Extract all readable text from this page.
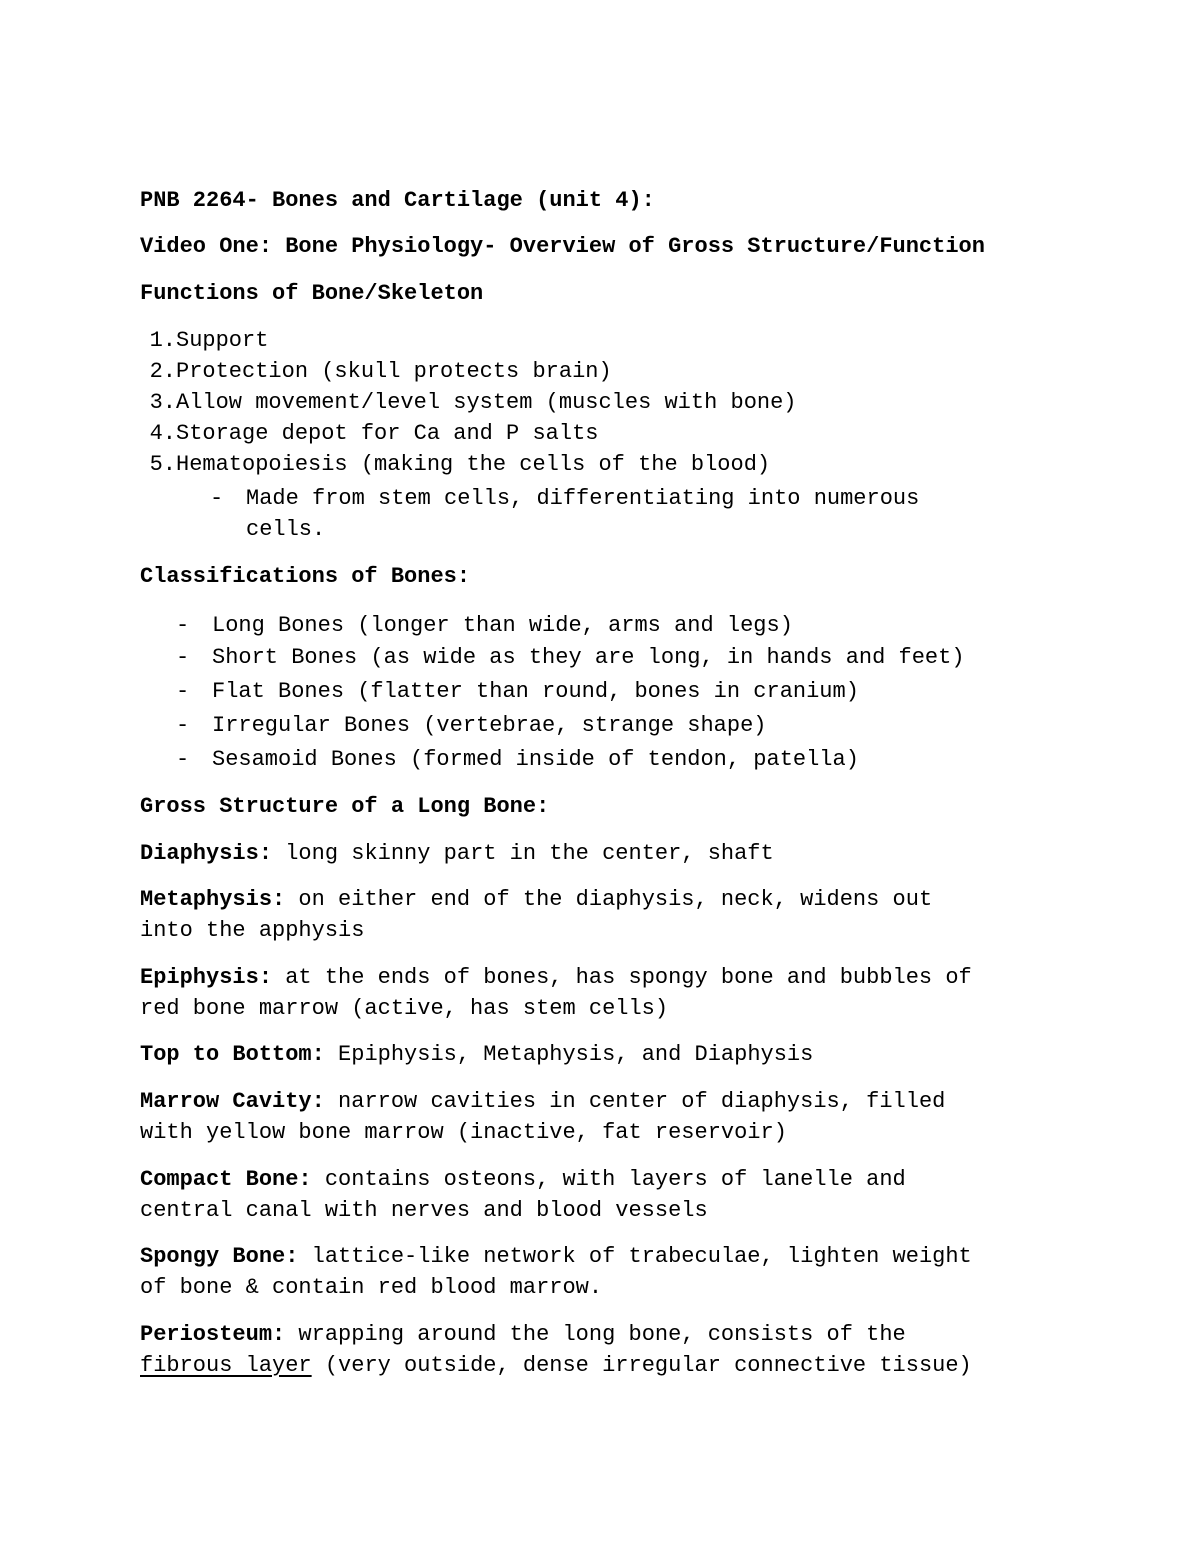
PNB 2264- Bones and Cartilage (unit 4):
Video One: Bone Physiology- Overview of Gross Structure/Function
Functions of Bone/Skeleton
1.Support
2.Protection (skull protects brain)
3.Allow movement/level system (muscles with bone)
4.Storage depot for Ca and P salts
5.Hematopoiesis (making the cells of the blood)
- Made from stem cells, differentiating into numerous
cells.
Classifications of Bones:
- Long Bones (longer than wide, arms and legs)
- Short Bones (as wide as they are long, in hands and feet)
- Flat Bones (flatter than round, bones in cranium)
- Irregular Bones (vertebrae, strange shape)
- Sesamoid Bones (formed inside of tendon, patella)
Gross Structure of a Long Bone:
Diaphysis: long skinny part in the center, shaft
Metaphysis: on either end of the diaphysis, neck, widens out
into the apphysis
Epiphysis: at the ends of bones, has spongy bone and bubbles of
red bone marrow (active, has stem cells)
Top to Bottom: Epiphysis, Metaphysis, and Diaphysis
Marrow Cavity: narrow cavities in center of diaphysis, filled
with yellow bone marrow (inactive, fat reservoir)
Compact Bone: contains osteons, with layers of lanelle and
central canal with nerves and blood vessels
Spongy Bone: lattice-like network of trabeculae, lighten weight
of bone & contain red blood marrow.
Periosteum: wrapping around the long bone, consists of the
fibrous layer (very outside, dense irregular connective tissue)
